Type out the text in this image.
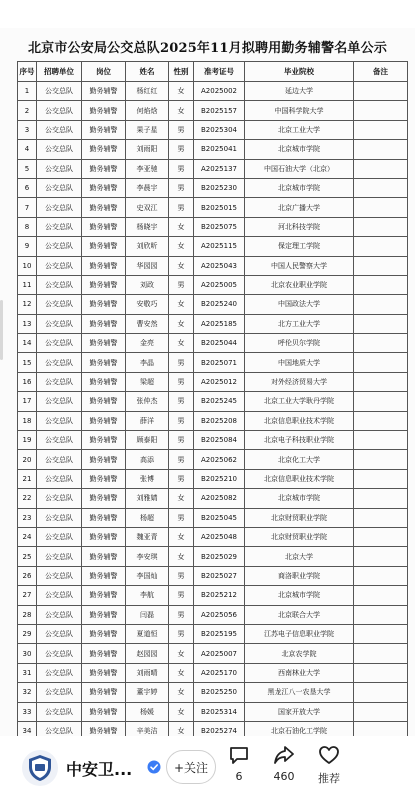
北京市公安局公交总队2025年11月拟聘用勤务辅警名单公示
序号	招聘单位	岗位	姓名	性别	准考证号	毕业院校	备注
1	公交总队	勤务辅警	杨红红	女	A2025002	延边大学	
2	公交总队	勤务辅警	何焰焓	女	B2025157	中国科学院大学	
3	公交总队	勤务辅警	果子星	男	B2025304	北京工业大学	
4	公交总队	勤务辅警	刘雨阳	男	B2025041	北京城市学院	
5	公交总队	勤务辅警	李亚驰	男	A2025137	中国石油大学（北京）	
6	公交总队	勤务辅警	李晨宇	男	B2025230	北京城市学院	
7	公交总队	勤务辅警	史双江	男	B2025015	北京广播大学	
8	公交总队	勤务辅警	杨晓宇	女	B2025075	河北科技学院	
9	公交总队	勤务辅警	刘欣昕	女	A2025115	保定理工学院	
10	公交总队	勤务辅警	华园园	女	A2025043	中国人民警察大学	
11	公交总队	勤务辅警	刘政	男	A2025005	北京农业职业学院	
12	公交总队	勤务辅警	安敬巧	女	B2025240	中国政法大学	
13	公交总队	勤务辅警	曹安然	女	A2025185	北方工业大学	
14	公交总队	勤务辅警	金亮	女	B2025044	呼伦贝尔学院	
15	公交总队	勤务辅警	李晶	男	B2025071	中国地质大学	
16	公交总队	勤务辅警	梁超	男	A2025012	对外经济贸易大学	
17	公交总队	勤务辅警	张仲杰	男	B2025245	北京工业大学耿丹学院	
18	公交总队	勤务辅警	薛洋	男	B2025208	北京信息职业技术学院	
19	公交总队	勤务辅警	顾泰阳	男	B2025084	北京电子科技职业学院	
20	公交总队	勤务辅警	高添	男	A2025062	北京化工大学	
21	公交总队	勤务辅警	张博	男	B2025210	北京信息职业技术学院	
22	公交总队	勤务辅警	刘雅婧	女	A2025082	北京城市学院	
23	公交总队	勤务辅警	杨超	男	B2025045	北京财贸职业学院	
24	公交总队	勤务辅警	魏亚青	女	A2025048	北京财贸职业学院	
25	公交总队	勤务辅警	李安琪	女	B2025029	北京大学	
26	公交总队	勤务辅警	李国灿	男	B2025027	商洛职业学院	
27	公交总队	勤务辅警	李航	男	B2025212	北京城市学院	
28	公交总队	勤务辅警	闫磊	男	A2025056	北京联合大学	
29	公交总队	勤务辅警	夏道恒	男	B2025195	江苏电子信息职业学院	
30	公交总队	勤务辅警	赵园园	女	A2025007	北京农学院	
31	公交总队	勤务辅警	刘雨晴	女	A2025170	西南林业大学	
32	公交总队	勤务辅警	董宇婷	女	B2025250	黑龙江八一农垦大学	
33	公交总队	勤务辅警	杨媛	女	B2025314	国家开放大学	
34	公交总队	勤务辅警	辛美洁	女	B2025274	北京石油化工学院	
中安卫...	+关注
6	460	推荐
